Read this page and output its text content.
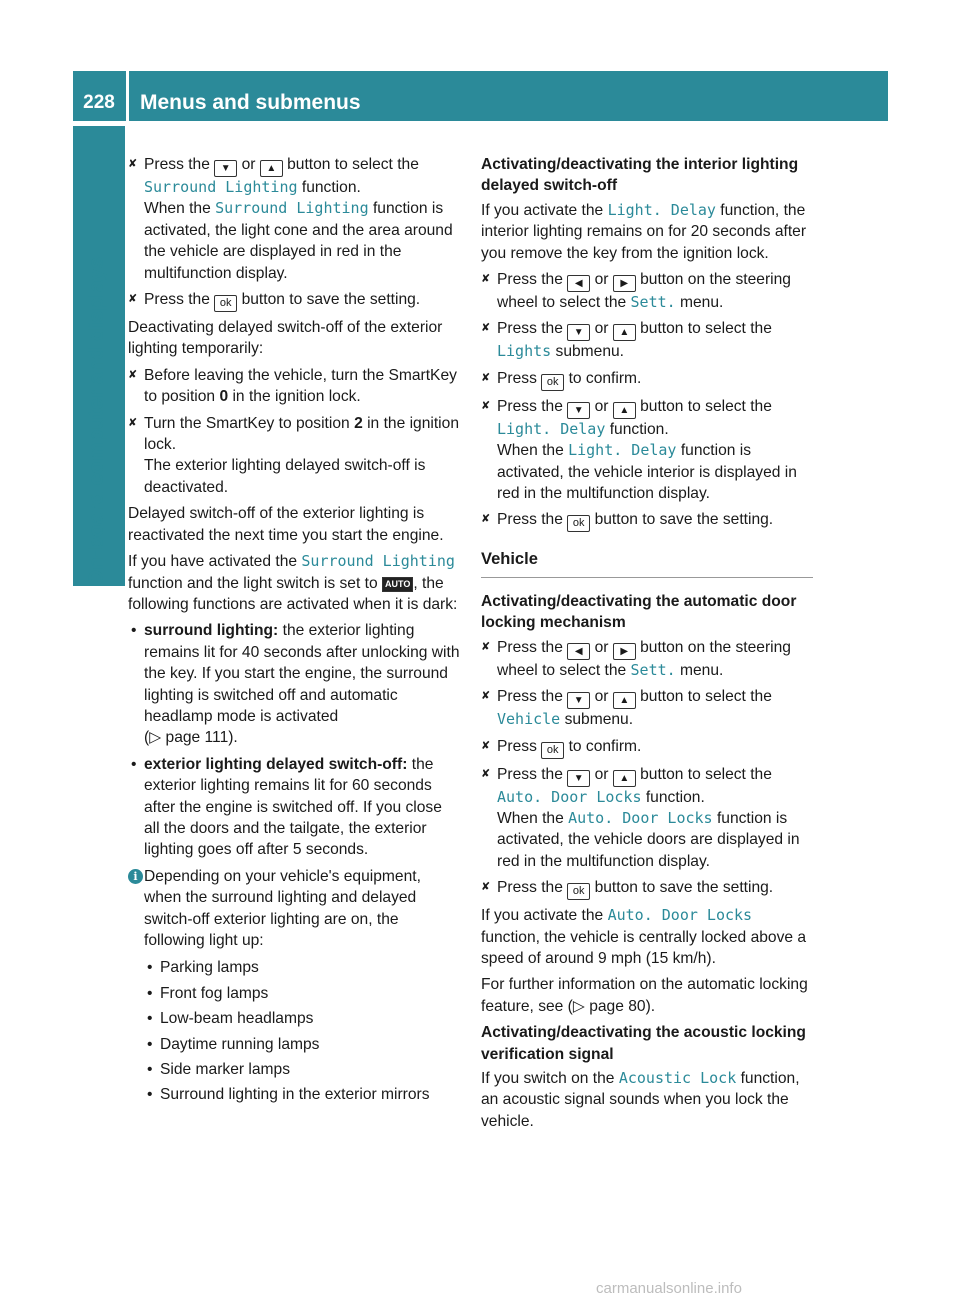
228	Menus and submenus
On-board computer and displays
✘ Press the ▼ or ▲ button to select the Surround Lighting function.
When the Surround Lighting function is activated, the light cone and the area around the vehicle are displayed in red in the multifunction display.
✘ Press the ok button to save the setting.

Deactivating delayed switch-off of the exterior lighting temporarily:

✘ Before leaving the vehicle, turn the SmartKey to position 0 in the ignition lock.
✘ Turn the SmartKey to position 2 in the ignition lock.
The exterior lighting delayed switch-off is deactivated.

Delayed switch-off of the exterior lighting is reactivated the next time you start the engine.

If you have activated the Surround Lighting function and the light switch is set to AUTO , the following functions are activated when it is dark:

• surround lighting: the exterior lighting remains lit for 40 seconds after unlocking with the key. If you start the engine, the surround lighting is switched off and automatic headlamp mode is activated
(▷ page 111).
• exterior lighting delayed switch-off: the exterior lighting remains lit for 60 seconds after the engine is switched off. If you close all the doors and the tailgate, the exterior lighting goes off after 5 seconds.
i Depending on your vehicle's equipment, when the surround lighting and delayed switch-off exterior lighting are on, the following light up:
• Parking lamps
• Front fog lamps
• Low-beam headlamps
• Daytime running lamps
• Side marker lamps
• Surround lighting in the exterior mirrors
Activating/deactivating the interior lighting delayed switch-off

If you activate the Light. Delay function, the interior lighting remains on for 20 seconds after you remove the key from the ignition lock.

✘ Press the ◀ or ▶ button on the steering wheel to select the Sett. menu.
✘ Press the ▼ or ▲ button to select the Lights submenu.
✘ Press ok to confirm.
✘ Press the ▼ or ▲ button to select the Light. Delay function.
When the Light. Delay function is activated, the vehicle interior is displayed in red in the multifunction display.
✘ Press the ok button to save the setting.
Vehicle
Activating/deactivating the automatic door locking mechanism
✘ Press the ◀ or ▶ button on the steering wheel to select the Sett. menu.
✘ Press the ▼ or ▲ button to select the Vehicle submenu.
✘ Press ok to confirm.
✘ Press the ▼ or ▲ button to select the Auto. Door Locks function.
When the Auto. Door Locks function is activated, the vehicle doors are displayed in red in the multifunction display.
✘ Press the ok button to save the setting.

If you activate the Auto. Door Locks function, the vehicle is centrally locked above a speed of around 9 mph (15 km/h).

For further information on the automatic locking feature, see (▷ page 80).

Activating/deactivating the acoustic locking verification signal

If you switch on the Acoustic Lock function, an acoustic signal sounds when you lock the vehicle.

carmanualsonline.info
